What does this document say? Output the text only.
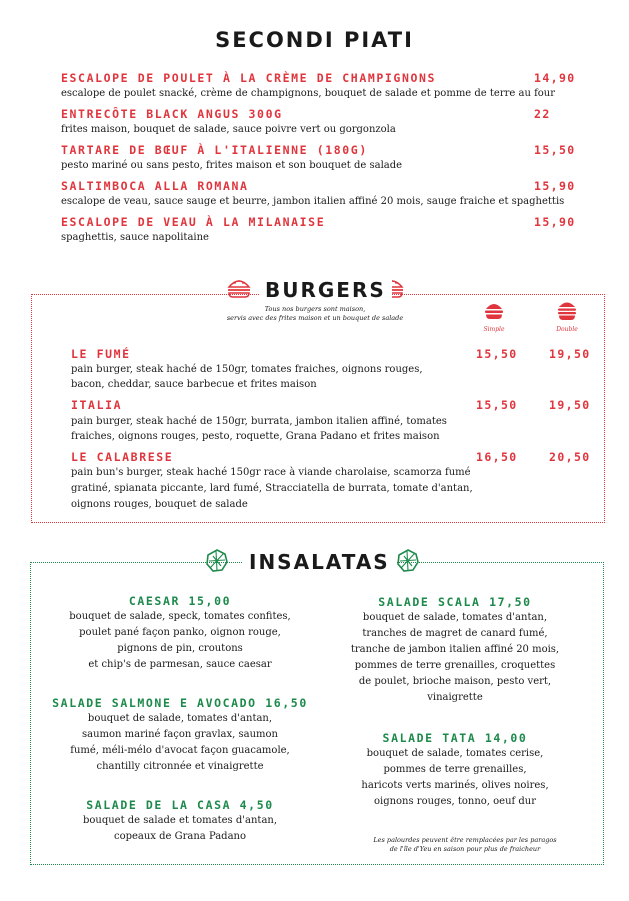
SECONDI PIATI
ESCALOPE DE POULET À LA CRÈME DE CHAMPIGNONS	14,90
escalope de poulet snacké, crème de champignons, bouquet de salade et pomme de terre au four
ENTRECÔTE BLACK ANGUS 300G	22
frites maison, bouquet de salade, sauce poivre vert ou gorgonzola
TARTARE DE BŒUF À L'ITALIENNE (180G)	15,50
pesto mariné ou sans pesto, frites maison et son bouquet de salade
SALTIMBOCA ALLA ROMANA	15,90
escalope de veau, sauce sauge et beurre, jambon italien affiné 20 mois, sauge fraiche et spaghettis
ESCALOPE DE VEAU À LA MILANAISE	15,90
spaghettis, sauce napolitaine
BURGERS
Tous nos burgers sont maison,
servis avec des frites maison et un bouquet de salade
Simple	Double
LE FUMÉ	15,50	19,50
pain burger, steak haché de 150gr, tomates fraiches, oignons rouges,
bacon, cheddar, sauce barbecue et frites maison
ITALIA	15,50	19,50
pain burger, steak haché de 150gr, burrata, jambon italien affiné, tomates
fraiches, oignons rouges, pesto, roquette, Grana Padano et frites maison
LE CALABRESE	16,50	20,50
pain bun's burger, steak haché 150gr race à viande charolaise, scamorza fumé
gratiné, spianata piccante, lard fumé, Stracciatella de burrata, tomate d'antan,
oignons rouges, bouquet de salade
INSALATAS
CAESAR 15,00
bouquet de salade, speck, tomates confites,
poulet pané façon panko, oignon rouge,
pignons de pin, croutons
et chip's de parmesan, sauce caesar
SALADE SALMONE E AVOCADO 16,50
bouquet de salade, tomates d'antan,
saumon mariné façon gravlax, saumon
fumé, méli-mélo d'avocat façon guacamole,
chantilly citronnée et vinaigrette
SALADE DE LA CASA 4,50
bouquet de salade et tomates d'antan,
copeaux de Grana Padano
SALADE SCALA 17,50
bouquet de salade, tomates d'antan,
tranches de magret de canard fumé,
tranche de jambon italien affiné 20 mois,
pommes de terre grenailles, croquettes
de poulet, brioche maison, pesto vert,
vinaigrette
SALADE TATA 14,00
bouquet de salade, tomates cerise,
pommes de terre grenailles,
haricots verts marinés, olives noires,
oignons rouges, tonno, oeuf dur
Les palourdes peuvent être remplacées par les paragos
de l'île d'Yeu en saison pour plus de fraicheur
